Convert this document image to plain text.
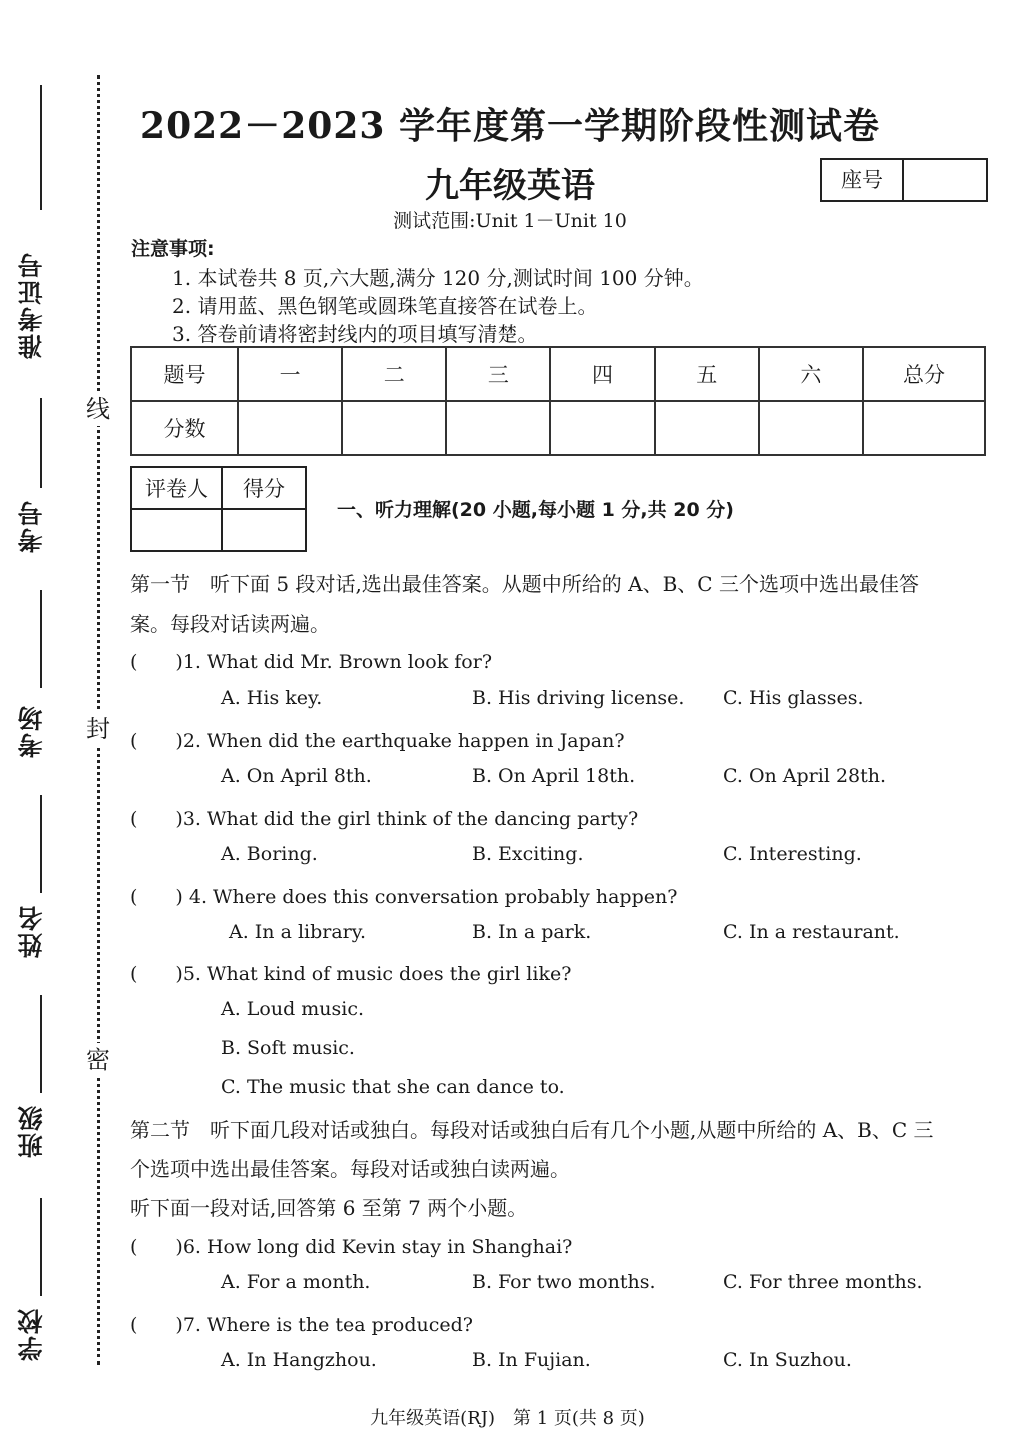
准考证号
考号
考场
姓名
班级
学校
线
封
密
2022－2023 学年度第一学期阶段性测试卷
九年级英语
测试范围:Unit 1－Unit 10
座号
注意事项:
1. 本试卷共 8 页,六大题,满分 120 分,测试时间 100 分钟。
2. 请用蓝、黑色钢笔或圆珠笔直接答在试卷上。
3. 答卷前请将密封线内的项目填写清楚。
题号	一	二	三	四	五	六	总分
分数							
评卷人	得分

一、听力理解(20 小题,每小题 1 分,共 20 分)
第一节　听下面 5 段对话,选出最佳答案。从题中所给的 A、B、C 三个选项中选出最佳答
案。每段对话读两遍。
(　　)1. What did Mr. Brown look for?
A. His key.	B. His driving license. C. His glasses.
(　　)2. When did the earthquake happen in Japan?
A. On April 8th.	B. On April 18th.	C. On April 28th.
(　　)3. What did the girl think of the dancing party?
A. Boring.	B. Exciting.	C. Interesting.
(　　) 4. Where does this conversation probably happen?
A. In a library.	B. In a park.	C. In a restaurant.
(　　)5. What kind of music does the girl like?
A. Loud music.
B. Soft music.
C. The music that she can dance to.
第二节　听下面几段对话或独白。每段对话或独白后有几个小题,从题中所给的 A、B、C 三
个选项中选出最佳答案。每段对话或独白读两遍。
听下面一段对话,回答第 6 至第 7 两个小题。
(　　)6. How long did Kevin stay in Shanghai?
A. For a month.	B. For two months.	C. For three months.
(　　)7. Where is the tea produced?
A. In Hangzhou.	B. In Fujian.	C. In Suzhou.
九年级英语(RJ)　第 1 页(共 8 页)
